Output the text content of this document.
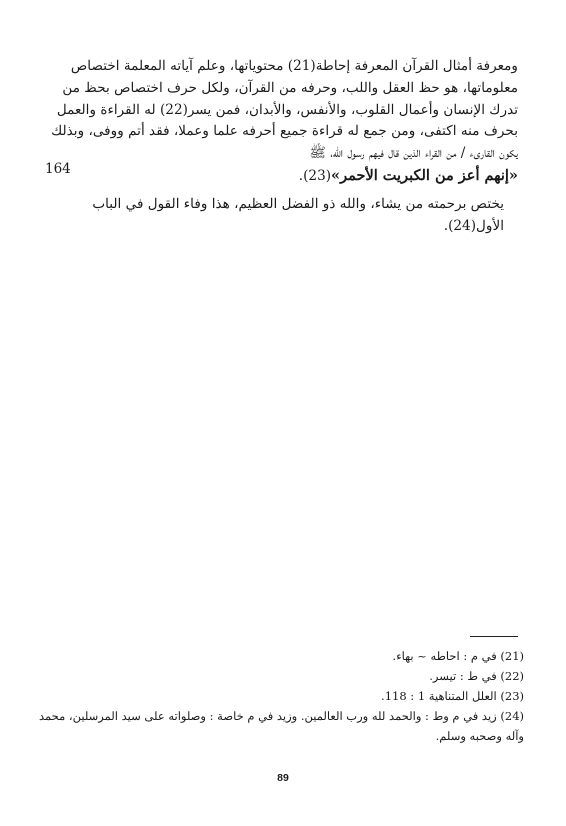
ومعرفة أمثال القرآن المعرفة إحاطة(21) محتوياتها، وعلم آياته المعلمة اختصاص
معلوماتها، هو حظ العقل واللب، وحرفه من القرآن، ولكل حرف اختصاص بحظ من
تدرك الإنسان وأعمال القلوب، والأنفس، والأبدان، فمن يسر(22) له القراءة والعمل
بحرف منه اكتفى، ومن جمع له قراءة جميع أحرفه علما وعملا، فقد أتم ووفى، وبذلك
يكون القارىء / من القراء الذين قال فيهم رسول الله، ﷺ
«إنهم أعز من الكبريت الأحمر»(23).

يختص برحمته من يشاء، والله ذو الفضل العظيم، هذا وفاء القول في الباب
الأول(24).

164

(21) في م : احاطه ~ بهاء.

(22) في ط : تيسر.

(23) العلل المتناهية 1 : 118.

(24) زيد في م وط : والحمد لله ورب العالمين. وزيد في م خاصة : وصلواته على سيد المرسلين، محمد وآله وصحبه وسلم.

89
